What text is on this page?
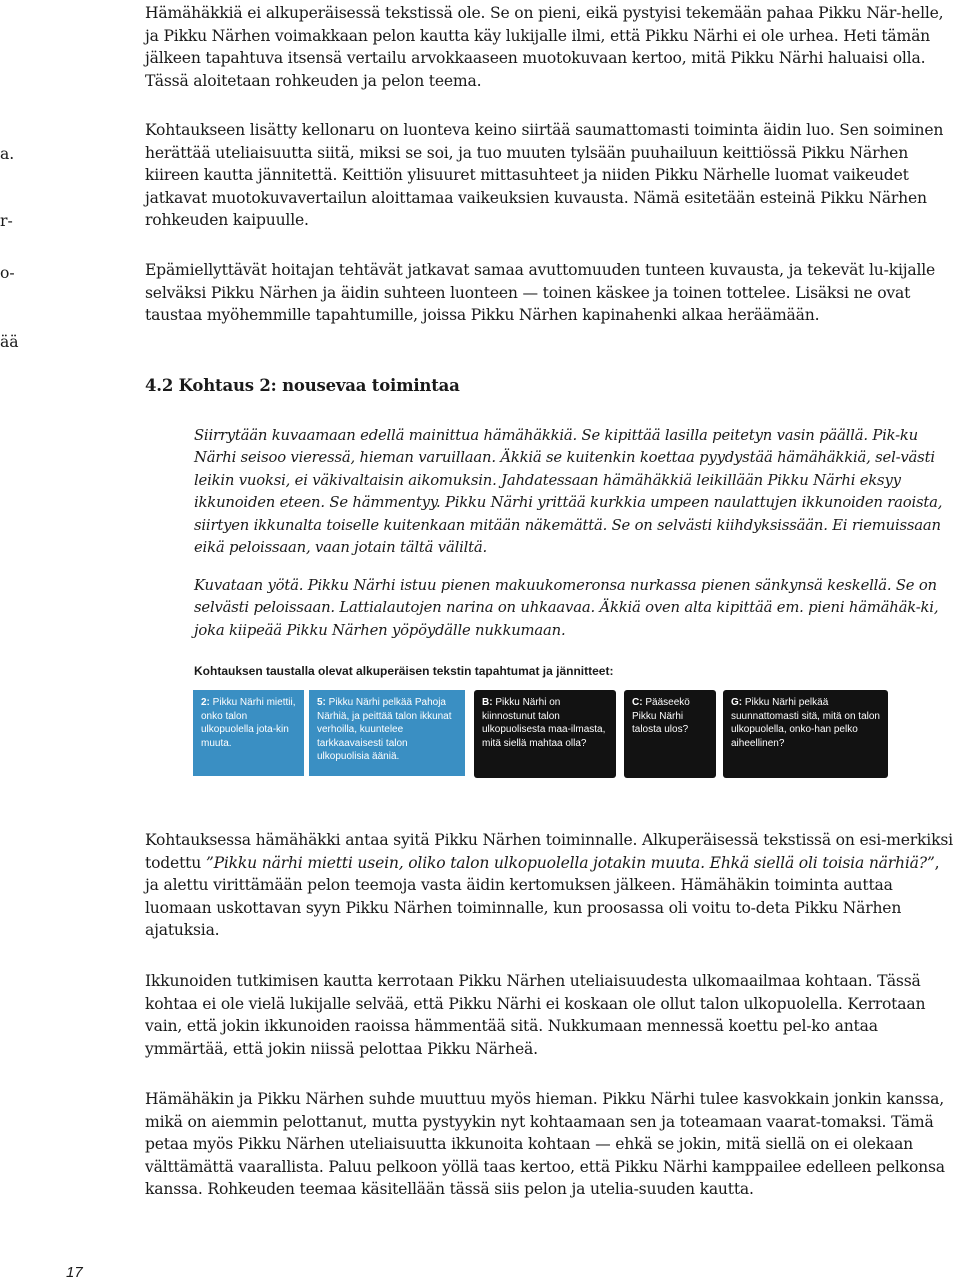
a.
r-
o-
ää

Hämähäkkiä ei alkuperäisessä tekstissä ole. Se on pieni, eikä pystyisi tekemään pahaa Pikku När-helle, ja Pikku Närhen voimakkaan pelon kautta käy lukijalle ilmi, että Pikku Närhi ei ole urhea. Heti tämän jälkeen tapahtuva itsensä vertailu arvokkaaseen muotokuvaan kertoo, mitä Pikku Närhi haluaisi olla. Tässä aloitetaan rohkeuden ja pelon teema.

Kohtaukseen lisätty kellonaru on luonteva keino siirtää saumattomasti toiminta äidin luo. Sen soiminen herättää uteliaisuutta siitä, miksi se soi, ja tuo muuten tylsään puuhailuun keittiössä Pikku Närhen kiireen kautta jännitettä. Keittiön ylisuuret mittasuhteet ja niiden Pikku Närhelle luomat vaikeudet jatkavat muotokuvavertailun aloittamaa vaikeuksien kuvausta. Nämä esitetään esteinä Pikku Närhen rohkeuden kaipuulle.

Epämiellyttävät hoitajan tehtävät jatkavat samaa avuttomuuden tunteen kuvausta, ja tekevät lu-kijalle selväksi Pikku Närhen ja äidin suhteen luonteen — toinen käskee ja toinen tottelee. Lisäksi ne ovat taustaa myöhemmille tapahtumille, joissa Pikku Närhen kapinahenki alkaa heräämään.

4.2 Kohtaus 2: nousevaa toimintaa

Siirrytään kuvaamaan edellä mainittua hämähäkkiä. Se kipittää lasilla peitetyn vasin päällä. Pik-ku Närhi seisoo vieressä, hieman varuillaan. Äkkiä se kuitenkin koettaa pyydystää hämähäkkiä, sel-västi leikin vuoksi, ei väkivaltaisin aikomuksin. Jahdatessaan hämähäkkiä leikillään Pikku Närhi eksyy ikkunoiden eteen. Se hämmentyy. Pikku Närhi yrittää kurkkia umpeen naulattujen ikkunoiden raoista, siirtyen ikkunalta toiselle kuitenkaan mitään näkemättä. Se on selvästi kiihdyksissään. Ei riemuissaan eikä peloissaan, vaan jotain tältä väliltä.

Kuvataan yötä. Pikku Närhi istuu pienen makuukomeronsa nurkassa pienen sänkynsä keskellä. Se on selvästi peloissaan. Lattialautojen narina on uhkaavaa. Äkkiä oven alta kipittää em. pieni hämähäk-ki, joka kiipeää Pikku Närhen yöpöydälle nukkumaan.

Kohtauksen taustalla olevat alkuperäisen tekstin tapahtumat ja jännitteet:
2: Pikku Närhi miettii, onko talon ulkopuolella jota-kin muuta.
5: Pikku Närhi pelkää Pahoja Närhiä, ja peittää talon ikkunat verhoilla, kuuntelee tarkkaavaisesti talon ulkopuolisia ääniä.
B: Pikku Närhi on kiinnostunut talon ulkopuolisesta maa-ilmasta, mitä siellä mahtaa olla?
C: Pääseekö Pikku Närhi talosta ulos?
G: Pikku Närhi pelkää suunnattomasti sitä, mitä on talon ulkopuolella, onko-han pelko aiheellinen?

Kohtauksessa hämähäkki antaa syitä Pikku Närhen toiminnalle. Alkuperäisessä tekstissä on esi-merkiksi todettu ”Pikku närhi mietti usein, oliko talon ulkopuolella jotakin muuta. Ehkä siellä oli toisia närhiä?”, ja alettu virittämään pelon teemoja vasta äidin kertomuksen jälkeen. Hämähäkin toiminta auttaa luomaan uskottavan syyn Pikku Närhen toiminnalle, kun proosassa oli voitu to-deta Pikku Närhen ajatuksia.

Ikkunoiden tutkimisen kautta kerrotaan Pikku Närhen uteliaisuudesta ulkomaailmaa kohtaan. Tässä kohtaa ei ole vielä lukijalle selvää, että Pikku Närhi ei koskaan ole ollut talon ulkopuolella. Kerrotaan vain, että jokin ikkunoiden raoissa hämmentää sitä. Nukkumaan mennessä koettu pel-ko antaa ymmärtää, että jokin niissä pelottaa Pikku Närheä.

Hämähäkin ja Pikku Närhen suhde muuttuu myös hieman. Pikku Närhi tulee kasvokkain jonkin kanssa, mikä on aiemmin pelottanut, mutta pystyykin nyt kohtaamaan sen ja toteamaan vaarat-tomaksi. Tämä petaa myös Pikku Närhen uteliaisuutta ikkunoita kohtaan — ehkä se jokin, mitä siellä on ei olekaan välttämättä vaarallista. Paluu pelkoon yöllä taas kertoo, että Pikku Närhi kamppailee edelleen pelkonsa kanssa. Rohkeuden teemaa käsitellään tässä siis pelon ja utelia-suuden kautta.

17
